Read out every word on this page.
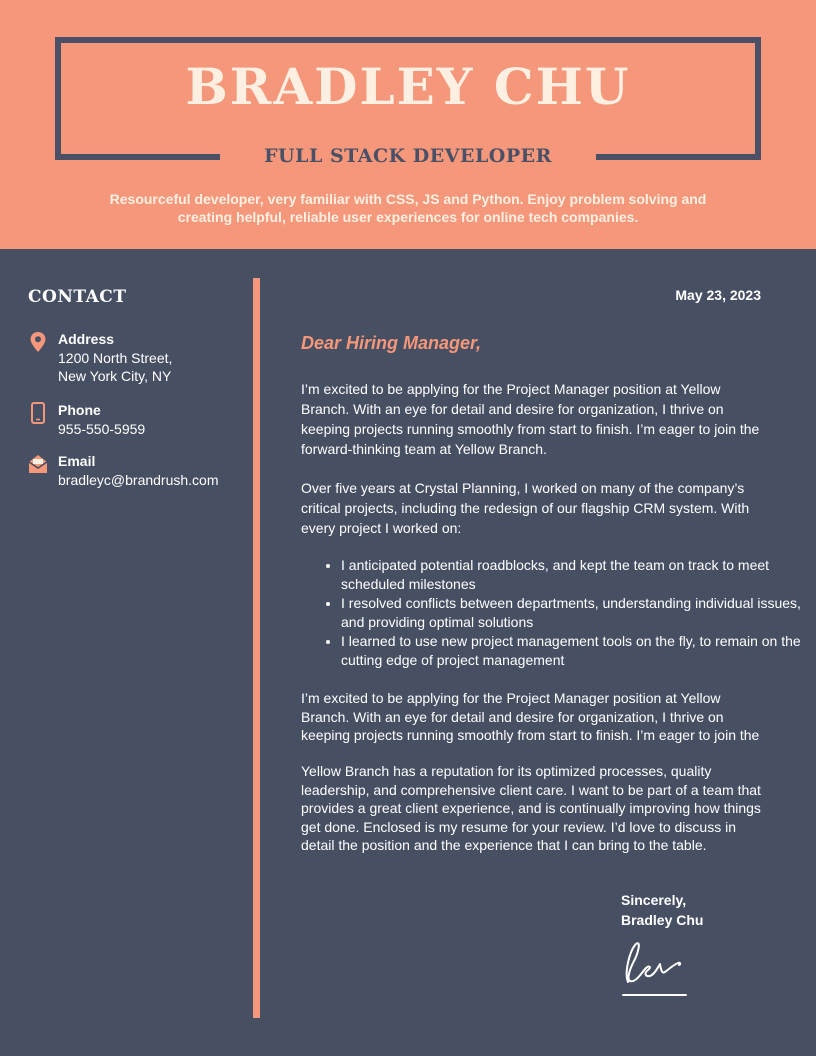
BRADLEY CHU
FULL STACK DEVELOPER
Resourceful developer, very familiar with CSS, JS and Python. Enjoy problem solving and creating helpful, reliable user experiences for online tech companies.
CONTACT
Address
1200 North Street,
New York City, NY
Phone
955-550-5959
Email
bradleyc@brandrush.com
May 23, 2023
Dear Hiring Manager,

I’m excited to be applying for the Project Manager position at Yellow Branch. With an eye for detail and desire for organization, I thrive on keeping projects running smoothly from start to finish. I’m eager to join the forward-thinking team at Yellow Branch.

Over five years at Crystal Planning, I worked on many of the company’s critical projects, including the redesign of our flagship CRM system. With every project I worked on:

• I anticipated potential roadblocks, and kept the team on track to meet scheduled milestones
• I resolved conflicts between departments, understanding individual issues, and providing optimal solutions
• I learned to use new project management tools on the fly, to remain on the cutting edge of project management

I’m excited to be applying for the Project Manager position at Yellow Branch. With an eye for detail and desire for organization, I thrive on keeping projects running smoothly from start to finish. I’m eager to join the

Yellow Branch has a reputation for its optimized processes, quality leadership, and comprehensive client care. I want to be part of a team that provides a great client experience, and is continually improving how things get done. Enclosed is my resume for your review. I’d love to discuss in detail the position and the experience that I can bring to the table.

Sincerely,
Bradley Chu
